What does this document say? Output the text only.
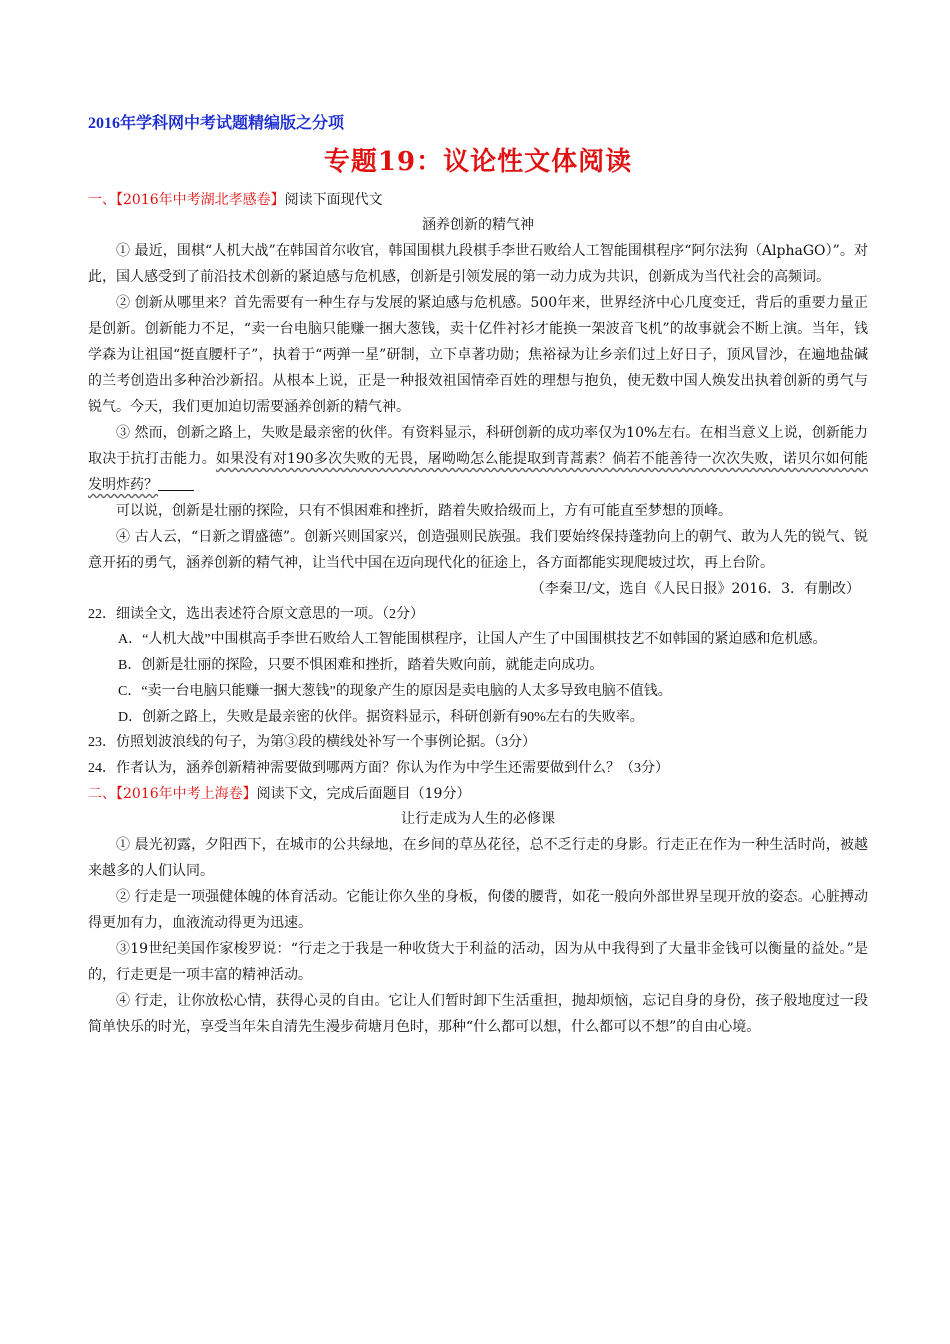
2016年学科网中考试题精编版之分项
专题19：议论性文体阅读
一、【2016年中考湖北孝感卷】阅读下面现代文
涵养创新的精气神
① 最近，围棋“人机大战”在韩国首尔收官，韩国围棋九段棋手李世石败给人工智能围棋程序“阿尔法狗（AlphaGO）”。对此，国人感受到了前沿技术创新的紧迫感与危机感，创新是引领发展的第一动力成为共识，创新成为当代社会的高频词。
② 创新从哪里来？首先需要有一种生存与发展的紧迫感与危机感。500年来，世界经济中心几度变迁，背后的重要力量正是创新。创新能力不足，“卖一台电脑只能赚一捆大葱钱，卖十亿件衬衫才能换一架波音飞机”的故事就会不断上演。当年，钱学森为让祖国“挺直腰杆子”，执着于“两弹一星”研制，立下卓著功勋；焦裕禄为让乡亲们过上好日子，顶风冒沙，在遍地盐碱的兰考创造出多种治沙新招。从根本上说，正是一种报效祖国情牵百姓的理想与抱负，使无数中国人焕发出执着创新的勇气与锐气。今天，我们更加迫切需要涵养创新的精气神。
③ 然而，创新之路上，失败是最亲密的伙伴。有资料显示，科研创新的成功率仅为10%左右。在相当意义上说，创新能力取决于抗打击能力。如果没有对190多次失败的无畏，屠呦呦怎么能提取到青蒿素？倘若不能善待一次次失败，诺贝尔如何能发明炸药？
可以说，创新是壮丽的探险，只有不惧困难和挫折，踏着失败拾级而上，方有可能直至梦想的顶峰。
④ 古人云，“日新之谓盛德”。创新兴则国家兴，创造强则民族强。我们要始终保持蓬勃向上的朝气、敢为人先的锐气、锐意开拓的勇气，涵养创新的精气神，让当代中国在迈向现代化的征途上，各方面都能实现爬坡过坎，再上台阶。
（李秦卫/文，选自《人民日报》2016．3．有删改）
22．细读全文，选出表述符合原文意思的一项。（2分）
A．“人机大战”中围棋高手李世石败给人工智能围棋程序，让国人产生了中国围棋技艺不如韩国的紧迫感和危机感。
B．创新是壮丽的探险，只要不惧困难和挫折，踏着失败向前，就能走向成功。
C．“卖一台电脑只能赚一捆大葱钱”的现象产生的原因是卖电脑的人太多导致电脑不值钱。
D．创新之路上，失败是最亲密的伙伴。据资料显示，科研创新有90%左右的失败率。
23．仿照划波浪线的句子，为第③段的横线处补写一个事例论据。（3分）
24．作者认为，涵养创新精神需要做到哪两方面？你认为作为中学生还需要做到什么？（3分）
二、【2016年中考上海卷】阅读下文，完成后面题目（19分）
让行走成为人生的必修课
① 晨光初露，夕阳西下，在城市的公共绿地，在乡间的草丛花径，总不乏行走的身影。行走正在作为一种生活时尚，被越来越多的人们认同。
② 行走是一项强健体魄的体育活动。它能让你久坐的身板，佝偻的腰背，如花一般向外部世界呈现开放的姿态。心脏搏动得更加有力，血液流动得更为迅速。
③19世纪美国作家梭罗说：“行走之于我是一种收货大于利益的活动，因为从中我得到了大量非金钱可以衡量的益处。”是的，行走更是一项丰富的精神活动。
④ 行走，让你放松心情，获得心灵的自由。它让人们暂时卸下生活重担，抛却烦恼，忘记自身的身份，孩子般地度过一段简单快乐的时光，享受当年朱自清先生漫步荷塘月色时，那种“什么都可以想，什么都可以不想”的自由心境。
